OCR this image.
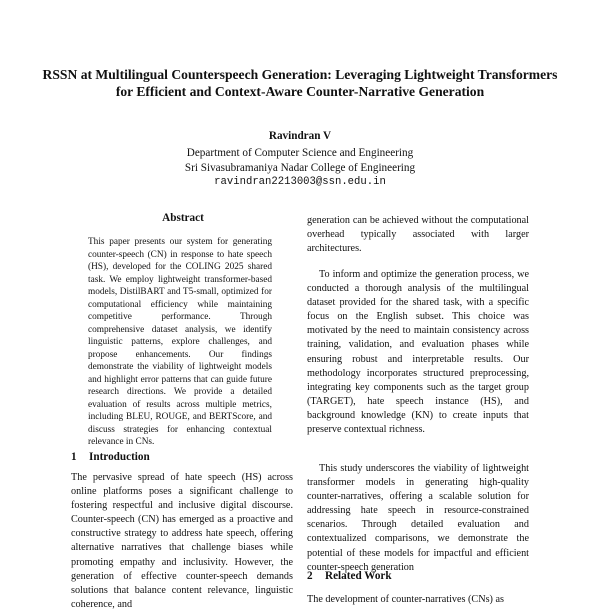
RSSN at Multilingual Counterspeech Generation: Leveraging Lightweight Transformers for Efficient and Context-Aware Counter-Narrative Generation
Ravindran V
Department of Computer Science and Engineering
Sri Sivasubramaniya Nadar College of Engineering
ravindran2213003@ssn.edu.in
Abstract

This paper presents our system for generating counter-speech (CN) in response to hate speech (HS), developed for the COLING 2025 shared task. We employ lightweight transformer-based models, DistilBART and T5-small, optimized for computational efficiency while maintaining competitive performance. Through comprehensive dataset analysis, we identify linguistic patterns, explore challenges, and propose enhancements. Our findings demonstrate the viability of lightweight models and highlight error patterns that can guide future research directions. We provide a detailed evaluation of results across multiple metrics, including BLEU, ROUGE, and BERTScore, and discuss strategies for enhancing contextual relevance in CNs.

1 Introduction

The pervasive spread of hate speech (HS) across online platforms poses a significant challenge to fostering respectful and inclusive digital discourse. Counter-speech (CN) has emerged as a proactive and constructive strategy to address hate speech, offering alternative narratives that challenge biases while promoting empathy and inclusivity. However, the generation of effective counter-speech demands solutions that balance content relevance, linguistic coherence, and

generation can be achieved without the computational overhead typically associated with larger architectures.

To inform and optimize the generation process, we conducted a thorough analysis of the multilingual dataset provided for the shared task, with a specific focus on the English subset. This choice was motivated by the need to maintain consistency across training, validation, and evaluation phases while ensuring robust and interpretable results. Our methodology incorporates structured preprocessing, integrating key components such as the target group (TARGET), hate speech instance (HS), and background knowledge (KN) to create inputs that preserve contextual richness.

This study underscores the viability of lightweight transformer models in generating high-quality counter-narratives, offering a scalable solution for addressing hate speech in resource-constrained scenarios. Through detailed evaluation and contextualized comparisons, we demonstrate the potential of these models for impactful and efficient counter-speech generation

2 Related Work

The development of counter-narratives (CNs) as
